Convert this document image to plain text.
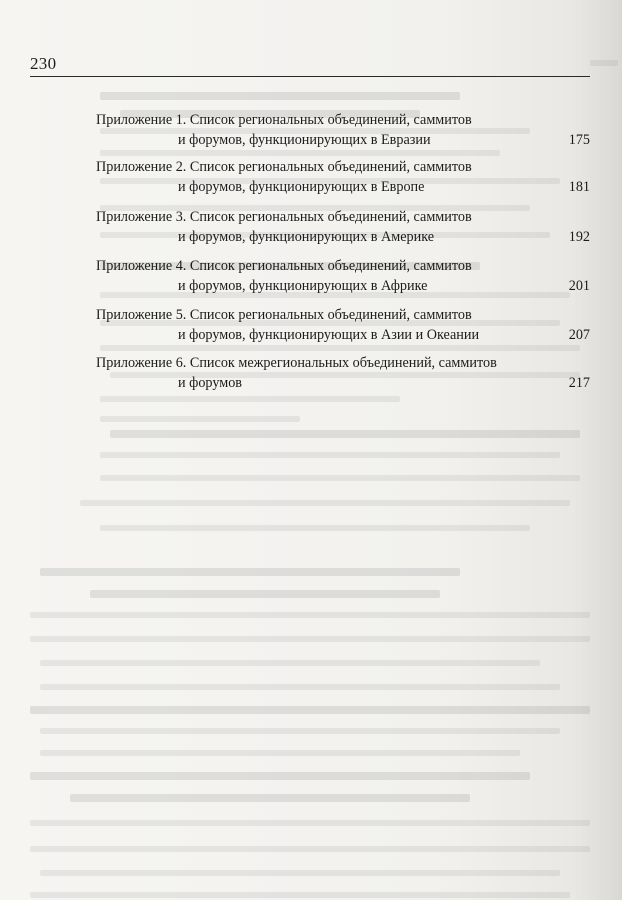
230
Приложение 1. Список региональных объединений, саммитов
и форумов, функционирующих в Евразии	175
Приложение 2. Список региональных объединений, саммитов
и форумов, функционирующих в Европе	181
Приложение 3. Список региональных объединений, саммитов
и форумов, функционирующих в Америке	192
Приложение 4. Список региональных объединений, саммитов
и форумов, функционирующих в Африке	201
Приложение 5. Список региональных объединений, саммитов
и форумов, функционирующих в Азии и Океании	207
Приложение 6. Список межрегиональных объединений, саммитов
и форумов	217
